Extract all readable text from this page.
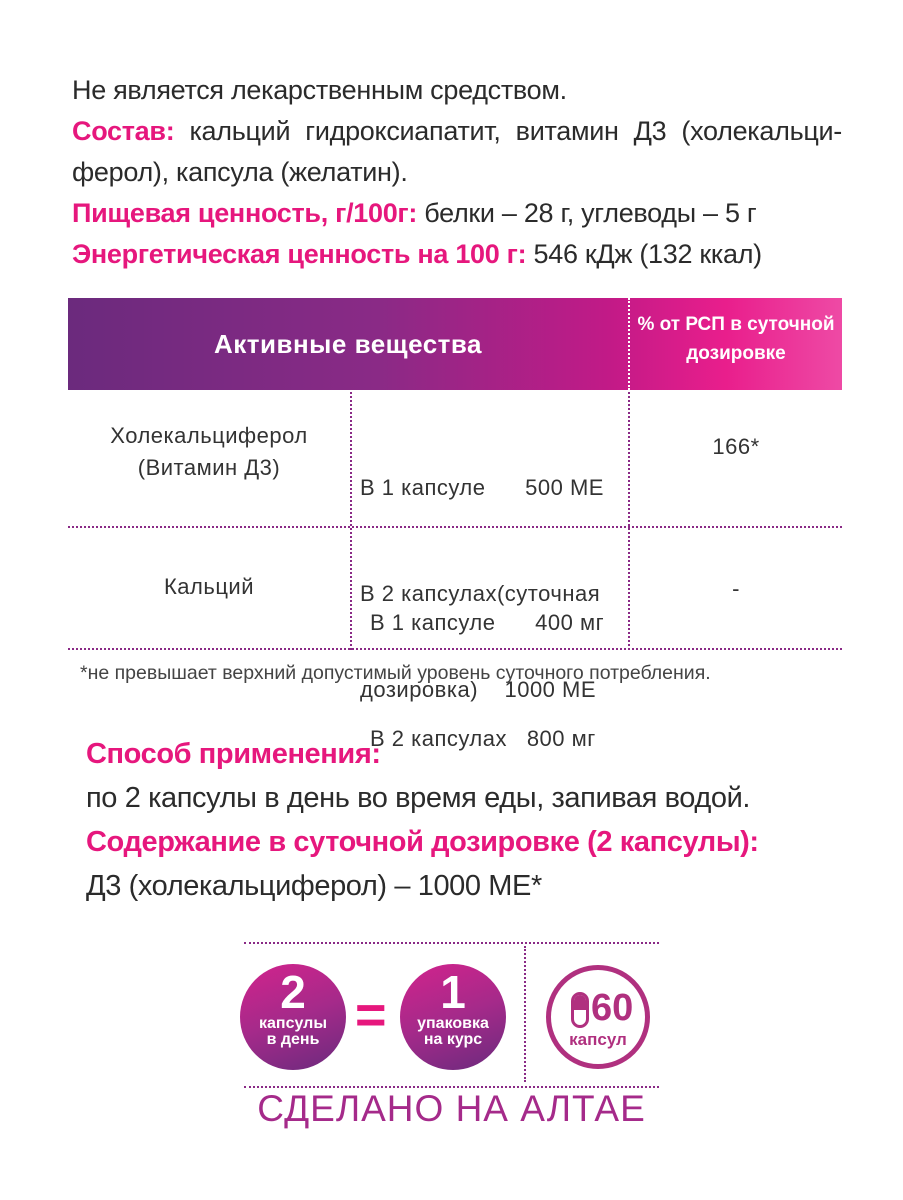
Не является лекарственным средством.
Состав: кальций гидроксиапатит, витамин Д3 (холекальци-ферол), капсула (желатин).
Пищевая ценность, г/100г: белки – 28 г, углеводы – 5 г
Энергетическая ценность на 100 г: 546 кДж (132 ккал)
Активные вещества
% от РСП в суточной дозировке
Холекальциферол
(Витамин Д3)

В 1 капсуле      500 МЕ

В 2 капсулах(суточная

дозировка)    1000 МЕ

166*
Кальций

В 1 капсуле      400 мг

В 2 капсулах   800 мг

-
*не превышает верхний допустимый уровень суточного потребления.
Способ применения:
по 2 капсулы в день во время еды, запивая водой.
Содержание в суточной дозировке (2 капсулы):
Д3 (холекальциферол) – 1000 МЕ*
2
капсулы
в день =	1
упаковка
на курс
60
капсул
СДЕЛАНО НА АЛТАЕ
